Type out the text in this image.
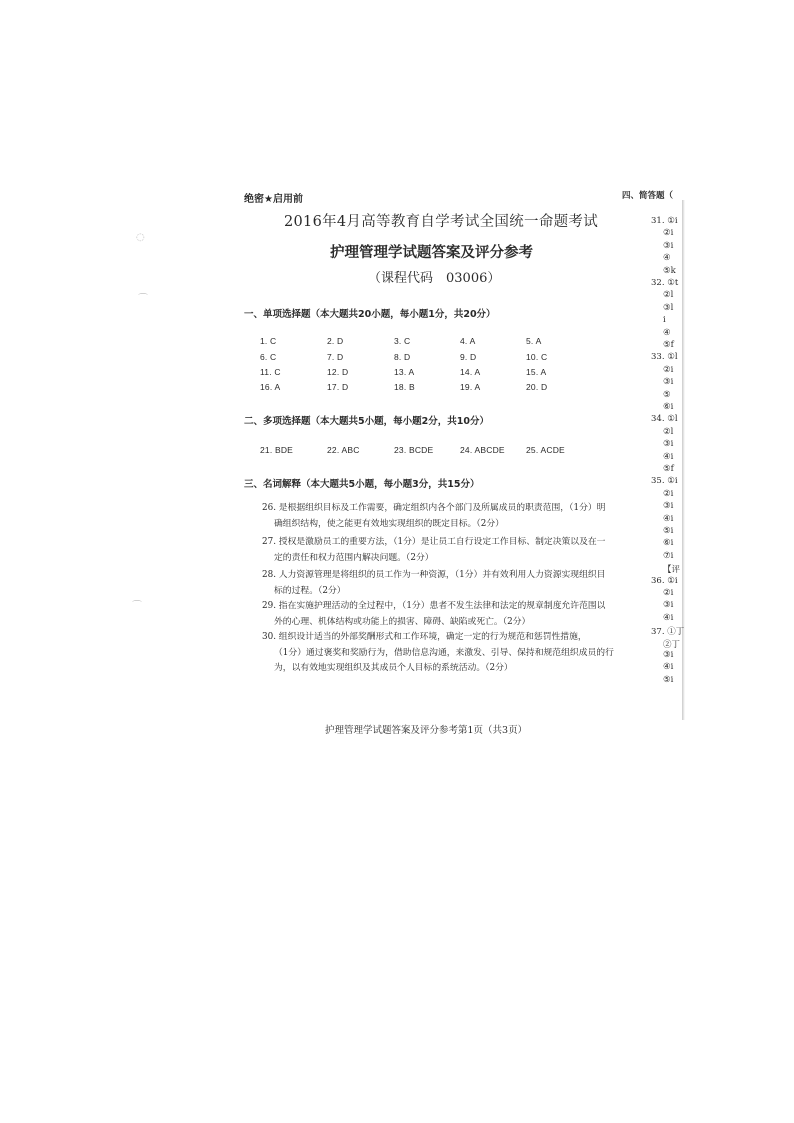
绝密★启用前
2016年4月高等教育自学考试全国统一命题考试
护理管理学试题答案及评分参考
（课程代码　03006）
一、单项选择题（本大题共20小题，每小题1分，共20分）
1. C	2. D	3. C	4. A	5. A
6. C	7. D	8. D	9. D	10. C
11. C	12. D	13. A	14. A	15. A
16. A	17. D	18. B	19. A	20. D
二、多项选择题（本大题共5小题，每小题2分，共10分）
21. BDE	22. ABC	23. BCDE	24. ABCDE 25. ACDE
三、名词解释（本大题共5小题，每小题3分，共15分）
26. 是根据组织目标及工作需要，确定组织内各个部门及所属成员的职责范围，（1分）明
确组织结构，使之能更有效地实现组织的既定目标。（2分）
27. 授权是激励员工的重要方法，（1分）是让员工自行设定工作目标、制定决策以及在一
定的责任和权力范围内解决问题。（2分）
28. 人力资源管理是将组织的员工作为一种资源，（1分）并有效利用人力资源实现组织目
标的过程。（2分）
29. 指在实施护理活动的全过程中，（1分）患者不发生法律和法定的规章制度允许范围以
外的心理、机体结构或功能上的损害、障碍、缺陷或死亡。（2分）
30. 组织设计适当的外部奖酬形式和工作环境，确定一定的行为规范和惩罚性措施，
（1分）通过褒奖和奖励行为，借助信息沟通，来激发、引导、保持和规范组织成员的行
为，以有效地实现组织及其成员个人目标的系统活动。（2分）
护理管理学试题答案及评分参考第1页（共3页）
四、简答题（
31. ①i
②i
③i
④
⑤k
32. ①t
②l
③l
i
④
⑤f
33. ①l
②i
③i
⑤
⑥i
34. ①l
②l
③i
④i
⑤f
35. ①i
②i
③i
④i
⑤i
⑥i
⑦i
【评
36. ①i
②i
③i
④i
37. ①丁
②丁
③i
④i
⑤i
◌
⌒
⌒
